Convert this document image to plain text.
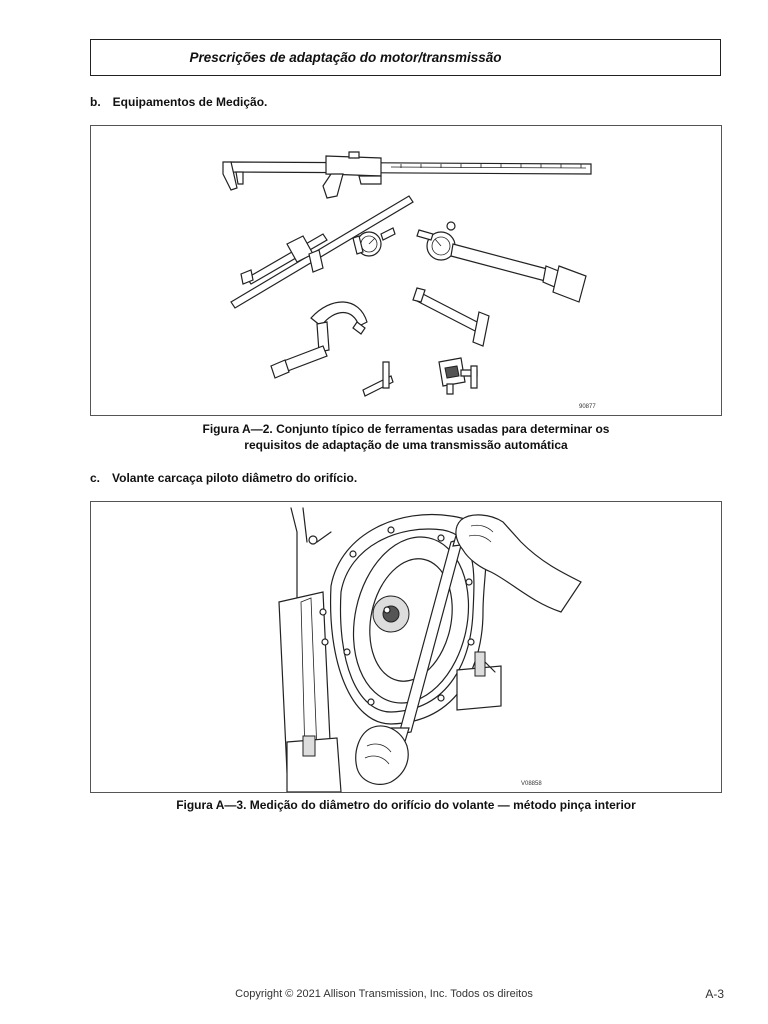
Prescrições de adaptação do motor/transmissão
b. Equipamentos de Medição.
90877
Figura A—2. Conjunto típico de ferramentas usadas para determinar os
requisitos de adaptação de uma transmissão automática
c. Volante carcaça piloto diâmetro do orifício.
V08858
Figura A—3. Medição do diâmetro do orifício do volante — método pinça interior
Copyright © 2021 Allison Transmission, Inc. Todos os direitos	A-3
